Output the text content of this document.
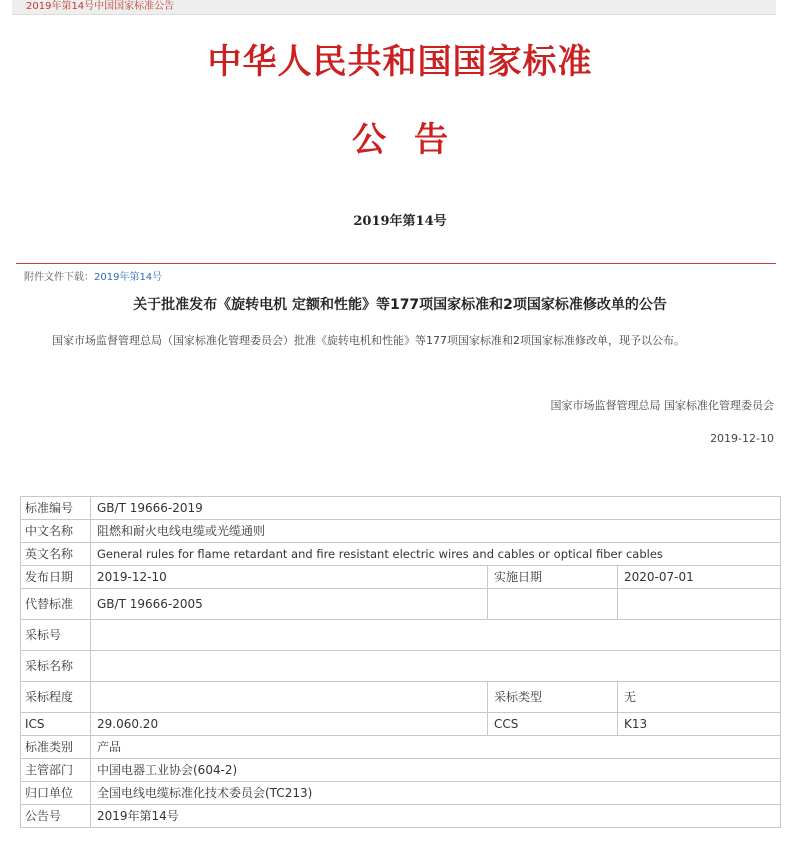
2019年第14号中国国家标准公告
中华人民共和国国家标准
公告
2019年第14号
附件文件下载：2019年第14号
关于批准发布《旋转电机 定额和性能》等177项国家标准和2项国家标准修改单的公告
国家市场监督管理总局（国家标准化管理委员会）批准《旋转电机和性能》等177项国家标准和2项国家标准修改单，现予以公布。
国家市场监督管理总局 国家标准化管理委员会
2019-12-10
标准编号	GB/T 19666-2019		
中文名称	阻燃和耐火电线电缆或光缆通则		
英文名称	General rules for flame retardant and fire resistant electric wires and cables or optical fiber cables		
发布日期	2019-12-10	实施日期	2020-07-01
代替标准	GB/T 19666-2005		
采标号			
采标名称			
采标程度		采标类型	无
ICS	29.060.20	CCS	K13
标准类别	产品		
主管部门	中国电器工业协会(604-2)		
归口单位	全国电线电缆标准化技术委员会(TC213)		
公告号	2019年第14号		
